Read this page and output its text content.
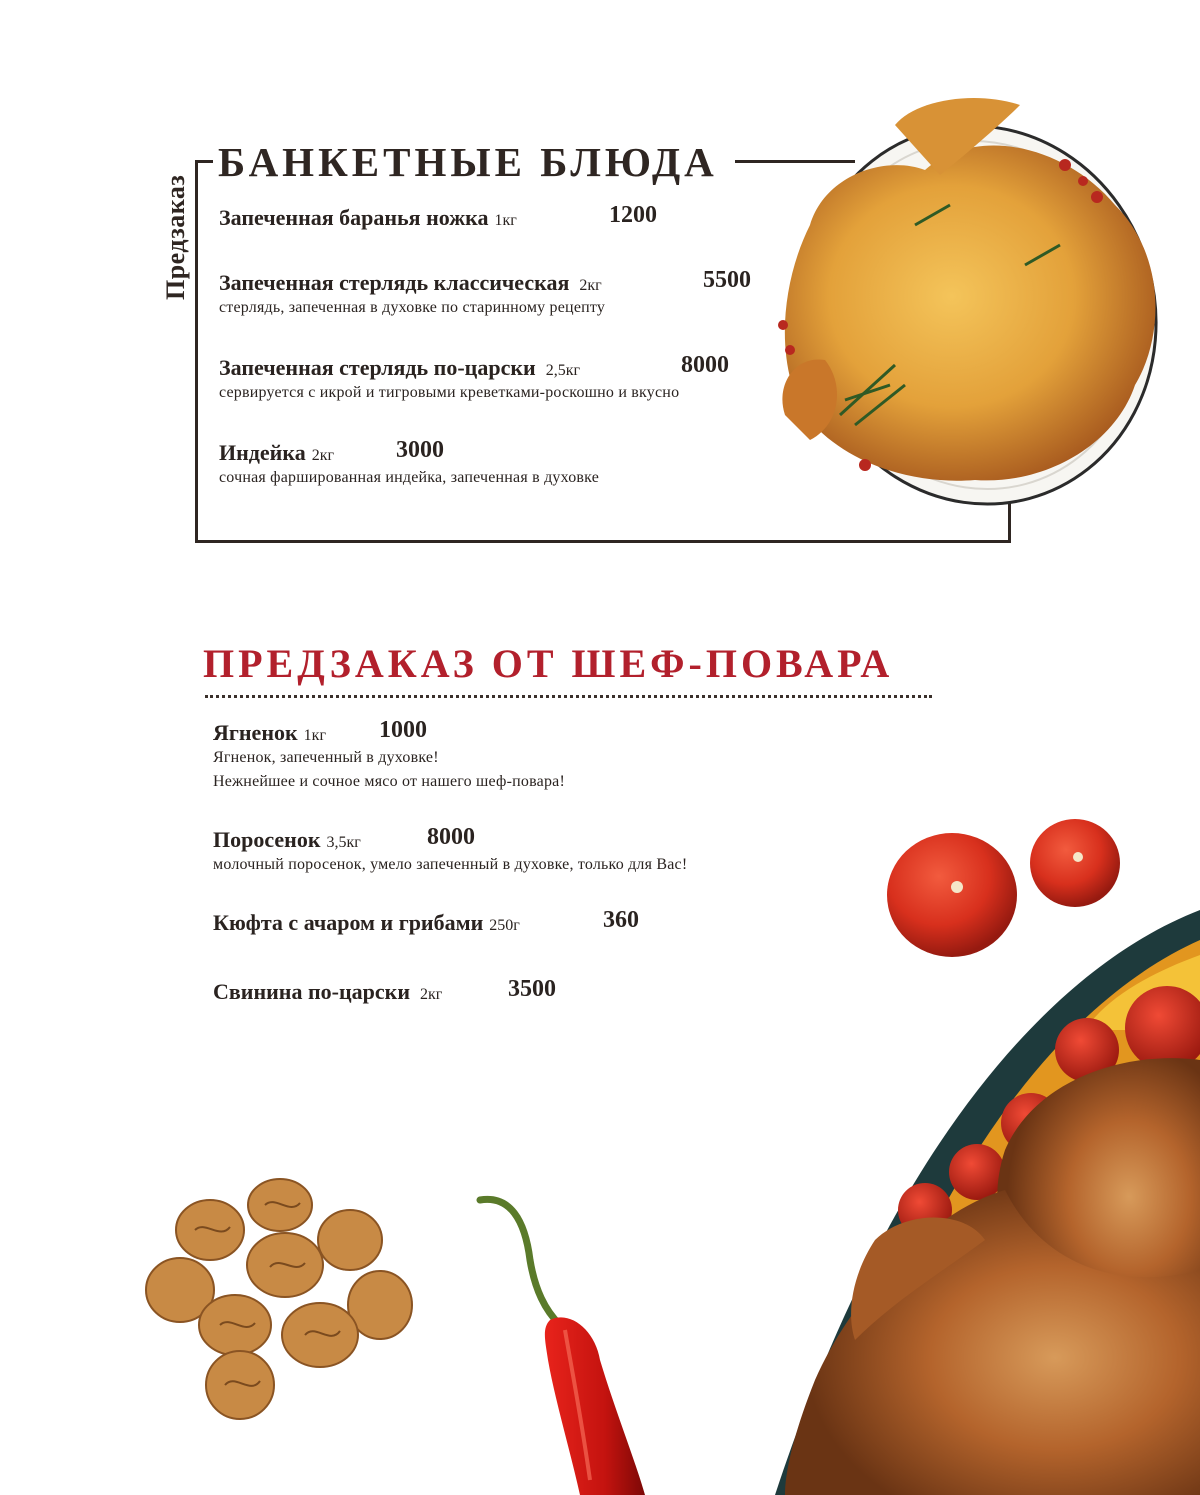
Предзаказ
БАНКЕТНЫЕ БЛЮДА
Запеченная баранья ножка 1кг	1200
Запеченная стерлядь классическая 2кг	5500
стерлядь, запеченная в духовке по старинному рецепту
Запеченная стерлядь по-царски 2,5кг	8000
сервируется с икрой и тигровыми креветками-роскошно и вкусно
Индейка 2кг	3000
сочная фаршированная индейка, запеченная в духовке
ПРЕДЗАКАЗ ОТ ШЕФ-ПОВАРА
Ягненок 1кг 1000
Ягненок, запеченный в духовке!
Нежнейшее и сочное мясо от нашего шеф-повара!
Поросенок 3,5кг	8000
молочный поросенок, умело запеченный в духовке, только для Вас!
Кюфта с ачаром и грибами 250г	360
Свинина по-царски 2кг	3500
